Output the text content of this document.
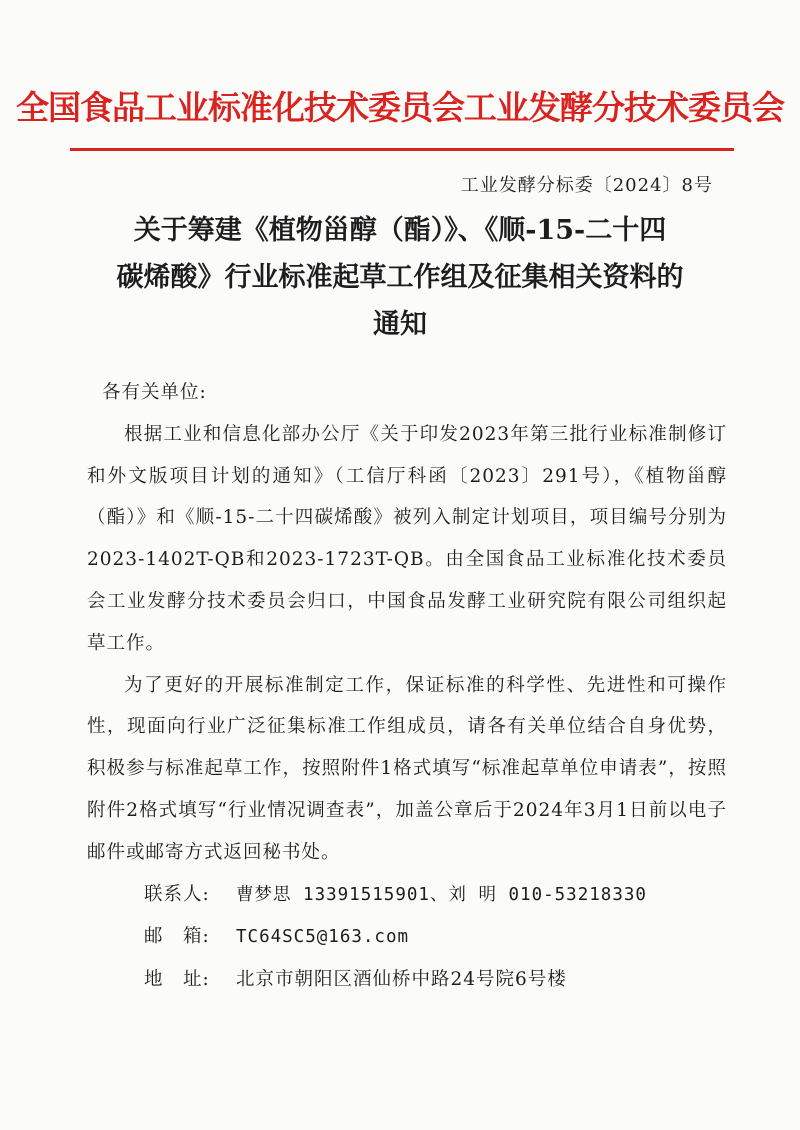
全国食品工业标准化技术委员会工业发酵分技术委员会
工业发酵分标委〔2024〕8号
关于筹建《植物甾醇（酯）》、《顺-15-二十四
碳烯酸》行业标准起草工作组及征集相关资料的
通知

各有关单位:

根据工业和信息化部办公厅《关于印发2023年第三批行业标准制修订和外文版项目计划的通知》（工信厅科函〔2023〕291号），《植物甾醇（酯）》和《顺-15-二十四碳烯酸》被列入制定计划项目，项目编号分别为2023-1402T-QB和2023-1723T-QB。由全国食品工业标准化技术委员会工业发酵分技术委员会归口，中国食品发酵工业研究院有限公司组织起草工作。

为了更好的开展标准制定工作，保证标准的科学性、先进性和可操作性，现面向行业广泛征集标准工作组成员，请各有关单位结合自身优势，积极参与标准起草工作，按照附件1格式填写“标准起草单位申请表”，按照附件2格式填写“行业情况调查表”，加盖公章后于2024年3月1日前以电子邮件或邮寄方式返回秘书处。

联系人: 曹梦思 13391515901、刘 明 010-53218330

邮　箱: TC64SC5@163.com

地　址: 北京市朝阳区酒仙桥中路24号院6号楼
